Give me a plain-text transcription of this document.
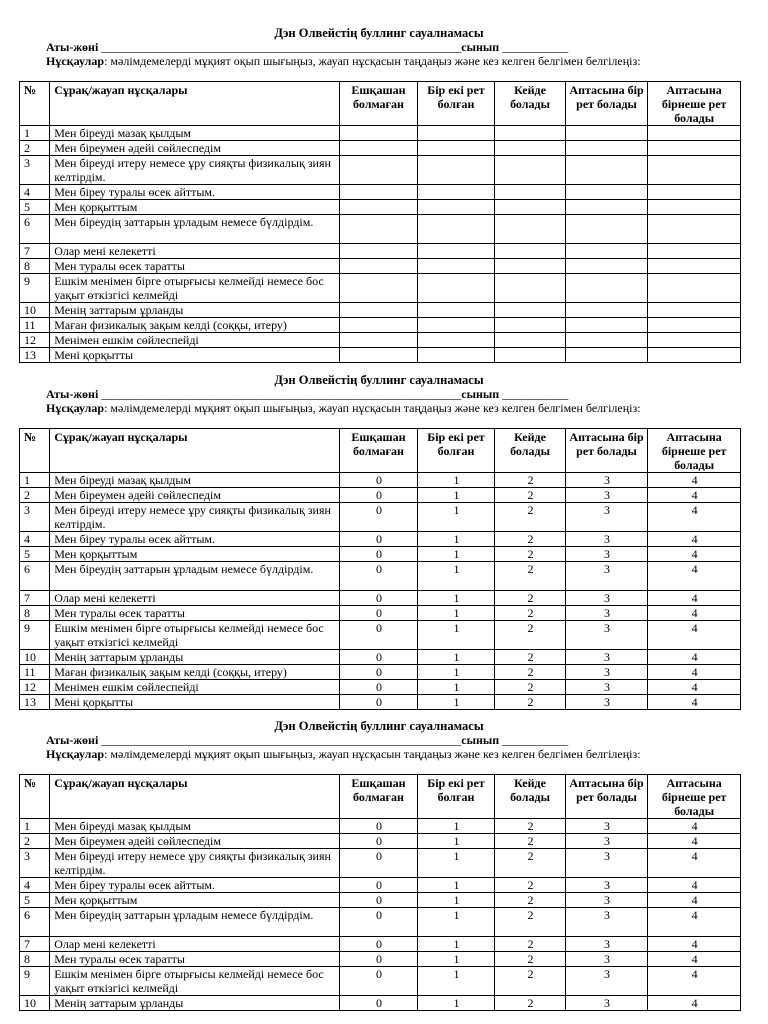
Дэн Олвейстің буллинг сауалнамасы
Аты-жөні ____________________________________________________________сынып ___________
Нұсқаулар: мәлімдемелерді мұқият оқып шығыңыз, жауап нұсқасын таңдаңыз және кез келген белгімен белгілеңіз:
№	Сұрақ/жауап нұсқалары	Ешқашан болмаған	Бір екі рет болған	Кейде болады	Аптасына бір рет болады	Аптасына бірнеше рет болады
1	Мен біреуді мазақ қылдым					
2	Мен біреумен әдейі сөйлеспедім					
3	Мен біреуді итеру немесе ұру сияқты физикалық зиян келтірдім.					
4	Мен біреу туралы өсек айттым.					
5	Мен қорқыттым					
6	Мен біреудің заттарын ұрладым немесе бүлдірдім.					
7	Олар мені келекетті					
8	Мен туралы өсек таратты					
9	Ешкім менімен бірге отырғысы келмейді немесе бос уақыт өткізгісі келмейді					
10	Менің заттарым ұрланды					
11	Маған физикалық зақым келді (соққы, итеру)					
12	Менімен ешкім сөйлеспейді					
13	Мені қорқытты					
Дэн Олвейстің буллинг сауалнамасы
Аты-жөні ____________________________________________________________сынып ___________
Нұсқаулар: мәлімдемелерді мұқият оқып шығыңыз, жауап нұсқасын таңдаңыз және кез келген белгімен белгілеңіз:
№	Сұрақ/жауап нұсқалары	Ешқашан болмаған	Бір екі рет болған	Кейде болады	Аптасына бір рет болады	Аптасына бірнеше рет болады
1	Мен біреуді мазақ қылдым	0	1	2	3	4
2	Мен біреумен әдейі сөйлеспедім	0	1	2	3	4
3	Мен біреуді итеру немесе ұру сияқты физикалық зиян келтірдім.	0	1	2	3	4
4	Мен біреу туралы өсек айттым.	0	1	2	3	4
5	Мен қорқыттым	0	1	2	3	4
6	Мен біреудің заттарын ұрладым немесе бүлдірдім.	0	1	2	3	4
7	Олар мені келекетті	0	1	2	3	4
8	Мен туралы өсек таратты	0	1	2	3	4
9	Ешкім менімен бірге отырғысы келмейді немесе бос уақыт өткізгісі келмейді	0	1	2	3	4
10	Менің заттарым ұрланды	0	1	2	3	4
11	Маған физикалық зақым келді (соққы, итеру)	0	1	2	3	4
12	Менімен ешкім сөйлеспейді	0	1	2	3	4
13	Мені қорқытты	0	1	2	3	4
Дэн Олвейстің буллинг сауалнамасы
Аты-жөні ____________________________________________________________сынып ___________
Нұсқаулар: мәлімдемелерді мұқият оқып шығыңыз, жауап нұсқасын таңдаңыз және кез келген белгімен белгілеңіз:
№	Сұрақ/жауап нұсқалары	Ешқашан болмаған	Бір екі рет болған	Кейде болады	Аптасына бір рет болады	Аптасына бірнеше рет болады
1	Мен біреуді мазақ қылдым	0	1	2	3	4
2	Мен біреумен әдейі сөйлеспедім	0	1	2	3	4
3	Мен біреуді итеру немесе ұру сияқты физикалық зиян келтірдім.	0	1	2	3	4
4	Мен біреу туралы өсек айттым.	0	1	2	3	4
5	Мен қорқыттым	0	1	2	3	4
6	Мен біреудің заттарын ұрладым немесе бүлдірдім.	0	1	2	3	4
7	Олар мені келекетті	0	1	2	3	4
8	Мен туралы өсек таратты	0	1	2	3	4
9	Ешкім менімен бірге отырғысы келмейді немесе бос уақыт өткізгісі келмейді	0	1	2	3	4
10	Менің заттарым ұрланды	0	1	2	3	4
